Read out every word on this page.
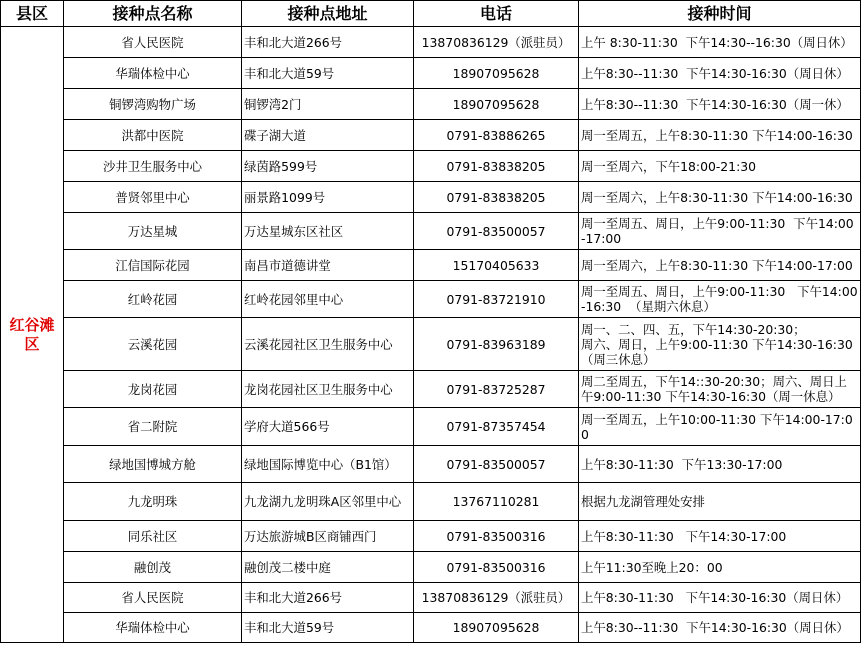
县区	接种点名称	接种点地址	电话	接种时间
红谷滩区	省人民医院	丰和北大道266号	13870836129（派驻员）	上午 8:30-11:30  下午14:30--16:30（周日休）
	华瑞体检中心	丰和北大道59号	18907095628	上午8:30--11:30  下午14:30-16:30（周日休）
	铜锣湾购物广场	铜锣湾2门	18907095628	上午8:30--11:30  下午14:30-16:30（周一休）
	洪都中医院	碟子湖大道	0791-83886265	周一至周五，上午8:30-11:30 下午14:00-16:30
	沙井卫生服务中心	绿茵路599号	0791-83838205	周一至周六，下午18:00-21:30
	普贤邻里中心	丽景路1099号	0791-83838205	周一至周六，上午8:30-11:30 下午14:00-16:30
	万达星城	万达星城东区社区	0791-83500057	周一至周五、周日，上午9:00-11:30  下午14:00-17:00
	江信国际花园	南昌市道德讲堂	15170405633	周一至周六，上午8:30-11:30 下午14:00-17:00
	红岭花园	红岭花园邻里中心	0791-83721910	周一至周五、周日，上午9:00-11:30   下午14:00-16:30  （星期六休息）
	云溪花园	云溪花园社区卫生服务中心	0791-83963189	周一、二、四、五，下午14:30-20:30；
周六、周日，上午9:00-11:30 下午14:30-16:30
（周三休息）
	龙岗花园	龙岗花园社区卫生服务中心	0791-83725287	周二至周五，下午14::30-20:30；周六、周日上午9:00-11:30 下午14:30-16:30（周一休息）
	省二附院	学府大道566号	0791-87357454	周一至周五，上午10:00-11:30 下午14:00-17:00
	绿地国博城方舱	绿地国际博览中心（B1馆）	0791-83500057	上午8:30-11:30  下午13:30-17:00
	九龙明珠	九龙湖九龙明珠A区邻里中心	13767110281	根据九龙湖管理处安排
	同乐社区	万达旅游城B区商铺西门	0791-83500316	上午8:30-11:30   下午14:30-17:00
	融创茂	融创茂二楼中庭	0791-83500316	上午11:30至晚上20：00
	省人民医院	丰和北大道266号	13870836129（派驻员）	上午8:30-11:30   下午14:30-16:30（周日休）
	华瑞体检中心	丰和北大道59号	18907095628	上午8:30--11:30  下午14:30-16:30（周日休）
